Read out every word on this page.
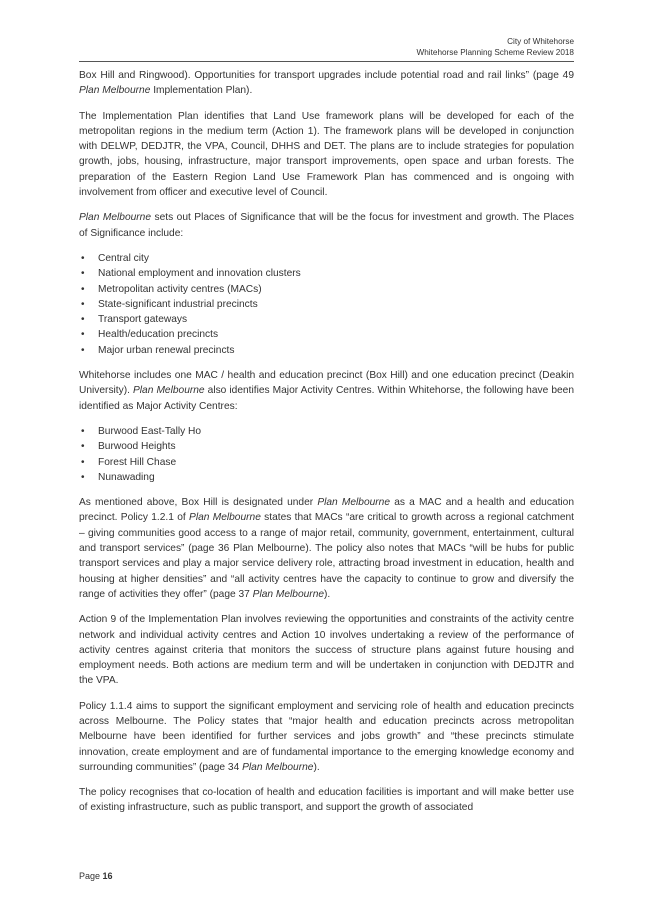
City of Whitehorse
Whitehorse Planning Scheme Review 2018

Box Hill and Ringwood). Opportunities for transport upgrades include potential road and rail links” (page 49 Plan Melbourne Implementation Plan).

The Implementation Plan identifies that Land Use framework plans will be developed for each of the metropolitan regions in the medium term (Action 1). The framework plans will be developed in conjunction with DELWP, DEDJTR, the VPA, Council, DHHS and DET. The plans are to include strategies for population growth, jobs, housing, infrastructure, major transport improvements, open space and urban forests. The preparation of the Eastern Region Land Use Framework Plan has commenced and is ongoing with involvement from officer and executive level of Council.

Plan Melbourne sets out Places of Significance that will be the focus for investment and growth. The Places of Significance include:

• Central city
• National employment and innovation clusters
• Metropolitan activity centres (MACs)
• State-significant industrial precincts
• Transport gateways
• Health/education precincts
• Major urban renewal precincts

Whitehorse includes one MAC / health and education precinct (Box Hill) and one education precinct (Deakin University). Plan Melbourne also identifies Major Activity Centres. Within Whitehorse, the following have been identified as Major Activity Centres:

• Burwood East-Tally Ho
• Burwood Heights
• Forest Hill Chase
• Nunawading

As mentioned above, Box Hill is designated under Plan Melbourne as a MAC and a health and education precinct. Policy 1.2.1 of Plan Melbourne states that MACs “are critical to growth across a regional catchment – giving communities good access to a range of major retail, community, government, entertainment, cultural and transport services” (page 36 Plan Melbourne). The policy also notes that MACs “will be hubs for public transport services and play a major service delivery role, attracting broad investment in education, health and housing at higher densities” and “all activity centres have the capacity to continue to grow and diversify the range of activities they offer” (page 37 Plan Melbourne).

Action 9 of the Implementation Plan involves reviewing the opportunities and constraints of the activity centre network and individual activity centres and Action 10 involves undertaking a review of the performance of activity centres against criteria that monitors the success of structure plans against future housing and employment needs. Both actions are medium term and will be undertaken in conjunction with DEDJTR and the VPA.

Policy 1.1.4 aims to support the significant employment and servicing role of health and education precincts across Melbourne. The Policy states that “major health and education precincts across metropolitan Melbourne have been identified for further services and jobs growth” and “these precincts stimulate innovation, create employment and are of fundamental importance to the emerging knowledge economy and surrounding communities” (page 34 Plan Melbourne).

The policy recognises that co-location of health and education facilities is important and will make better use of existing infrastructure, such as public transport, and support the growth of associated

Page 16
